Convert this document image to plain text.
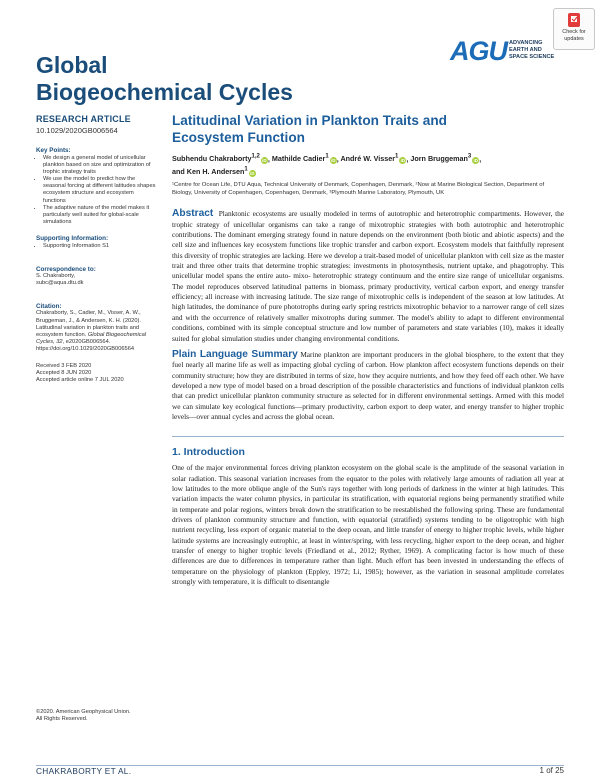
Check for
updates
AGU ADVANCING
EARTH AND
SPACE SCIENCE
Global
Biogeochemical Cycles
RESEARCH ARTICLE
10.1029/2020GB006564
Key Points:
• We design a general model of unicellular plankton based on size and optimization of trophic strategy traits
• We use the model to predict how the seasonal forcing at different latitudes shapes ecosystem structure and ecosystem functions
• The adaptive nature of the model makes it particularly well suited for global-scale simulations
Supporting Information:
• Supporting Information S1
Correspondence to:
S. Chakraborty,
subc@aqua.dtu.dk
Citation:
Chakraborty, S., Cadier, M., Visser, A. W., Bruggeman, J., & Andersen, K. H. (2020). Latitudinal variation in plankton traits and ecosystem function. Global Biogeochemical Cycles, 32, e2020GB006564. https://doi.org/10.1029/2020GB006564
Received 3 FEB 2020
Accepted 8 JUN 2020
Accepted article online 7 JUL 2020
©2020. American Geophysical Union.
All Rights Reserved.
Latitudinal Variation in Plankton Traits and
Ecosystem Function
Subhendu Chakraborty$^{1,2}$iD, Mathilde Cadier$^1$iD, André W. Visser$^1$iD, Jorn Bruggeman$^3$iD,
and Ken H. Andersen$^1$iD
¹Centre for Ocean Life, DTU Aqua, Technical University of Denmark, Copenhagen, Denmark, ²Now at Marine Biological Section, Department of Biology, University of Copenhagen, Copenhagen, Denmark, ³Plymouth Marine Laboratory, Plymouth, UK

Abstract Planktonic ecosystems are usually modeled in terms of autotrophic and heterotrophic compartments. However, the trophic strategy of unicellular organisms can take a range of mixotrophic strategies with both autotrophic and heterotrophic contributions. The dominant emerging strategy found in nature depends on the environment (both biotic and abiotic aspects) and the cell size and influences key ecosystem functions like trophic transfer and carbon export. Ecosystem models that faithfully represent this diversity of trophic strategies are lacking. Here we develop a trait-based model of unicellular plankton with cell size as the master trait and three other traits that determine trophic strategies: investments in photosynthesis, nutrient uptake, and phagotrophy. This unicellular model spans the entire auto- mixo- heterotrophic strategy continuum and the entire size range of unicellular organisms. The model reproduces observed latitudinal patterns in biomass, primary productivity, vertical carbon export, and energy transfer efficiency; all increase with increasing latitude. The size range of mixotrophic cells is independent of the season at low latitudes. At high latitudes, the dominance of pure phototrophs during early spring restricts mixotrophic behavior to a narrower range of cell sizes and with the occurrence of relatively smaller mixotrophs during summer. The model's ability to adapt to different environmental conditions, combined with its simple conceptual structure and low number of parameters and state variables (10), makes it ideally suited for global simulation studies under changing environmental conditions.

Plain Language Summary Marine plankton are important producers in the global biosphere, to the extent that they fuel nearly all marine life as well as impacting global cycling of carbon. How plankton affect ecosystem functions depends on their community structure; how they are distributed in terms of size, how they acquire nutrients, and how they feed off each other. We have developed a new type of model based on a broad description of the possible characteristics and functions of individual plankton cells that can predict unicellular plankton community structure as selected for in different environmental settings. Armed with this model we can simulate key ecological functions—primary productivity, carbon export to deep water, and energy transfer to higher trophic levels—over annual cycles and across the global ocean.

1. Introduction

One of the major environmental forces driving plankton ecosystem on the global scale is the amplitude of the seasonal variation in solar radiation. This seasonal variation increases from the equator to the poles with relatively large amounts of radiation all year at low latitudes to the more oblique angle of the Sun's rays together with long periods of darkness in the winter at high latitudes. This variation impacts the water column physics, in particular its stratification, with equatorial regions being permanently stratified while in temperate and polar regions, winters break down the stratification to be reestablished the following spring. These are fundamental drivers of plankton community structure and function, with equatorial (stratified) systems tending to be oligotrophic with high nutrient recycling, less export of organic material to the deep ocean, and little transfer of energy to higher trophic levels, while higher latitude systems are increasingly eutrophic, at least in winter/spring, with less recycling, higher export to the deep ocean, and higher transfer of energy to higher trophic levels (Friedland et al., 2012; Ryther, 1969). A complicating factor is how much of these differences are due to differences in temperature rather than light. Much effort has been invested in understanding the effects of temperature on the physiology of plankton (Eppley, 1972; Li, 1985); however, as the variation in seasonal amplitude correlates strongly with temperature, it is difficult to disentangle

CHAKRABORTY ET AL.	1 of 25
